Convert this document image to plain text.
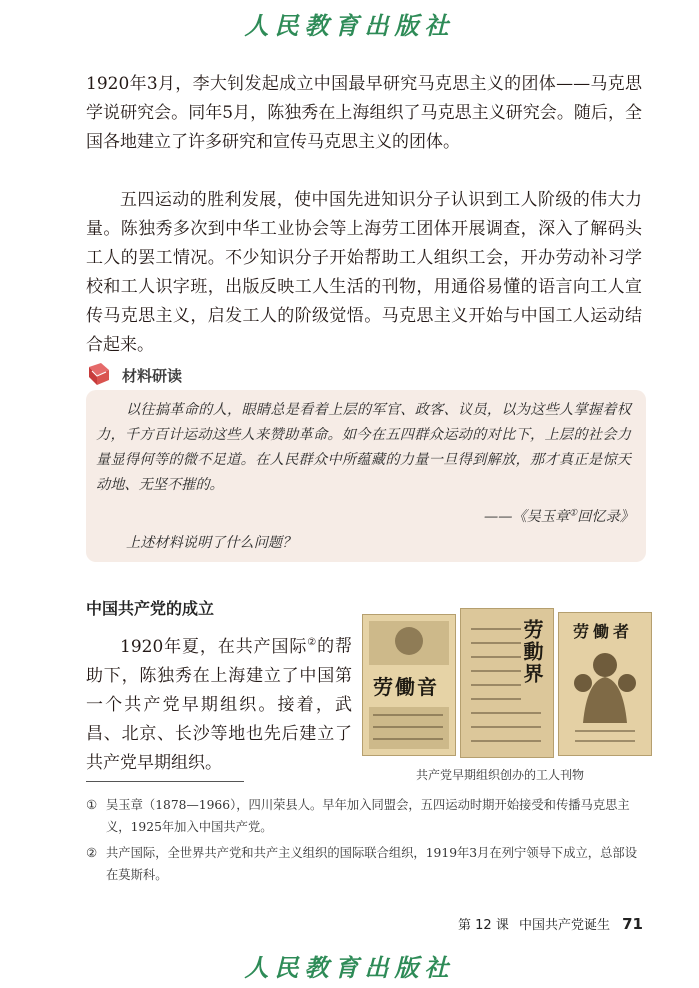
人民教育出版社

1920年3月，李大钊发起成立中国最早研究马克思主义的团体——马克思学说研究会。同年5月，陈独秀在上海组织了马克思主义研究会。随后，全国各地建立了许多研究和宣传马克思主义的团体。

五四运动的胜利发展，使中国先进知识分子认识到工人阶级的伟大力量。陈独秀多次到中华工业协会等上海劳工团体开展调查，深入了解码头工人的罢工情况。不少知识分子开始帮助工人组织工会，开办劳动补习学校和工人识字班，出版反映工人生活的刊物，用通俗易懂的语言向工人宣传马克思主义，启发工人的阶级觉悟。马克思主义开始与中国工人运动结合起来。

材料研读

以往搞革命的人，眼睛总是看着上层的军官、政客、议员，以为这些人掌握着权力，千方百计运动这些人来赞助革命。如今在五四群众运动的对比下，上层的社会力量显得何等的微不足道。在人民群众中所蕴藏的力量一旦得到解放，那才真正是惊天动地、无坚不摧的。

——《吴玉章①回忆录》
上述材料说明了什么问题？
中国共产党的成立

1920年夏，在共产国际②的帮助下，陈独秀在上海建立了中国第一个共产党早期组织。接着，武昌、北京、长沙等地也先后建立了共产党早期组织。

劳働音
劳動界 劳働者
共产党早期组织创办的工人刊物
① 吴玉章（1878—1966），四川荣县人。早年加入同盟会，五四运动时期开始接受和传播马克思主义，1925年加入中国共产党。
② 共产国际，全世界共产党和共产主义组织的国际联合组织，1919年3月在列宁领导下成立，总部设在莫斯科。
第 12 课 中国共产党诞生 71
人民教育出版社
